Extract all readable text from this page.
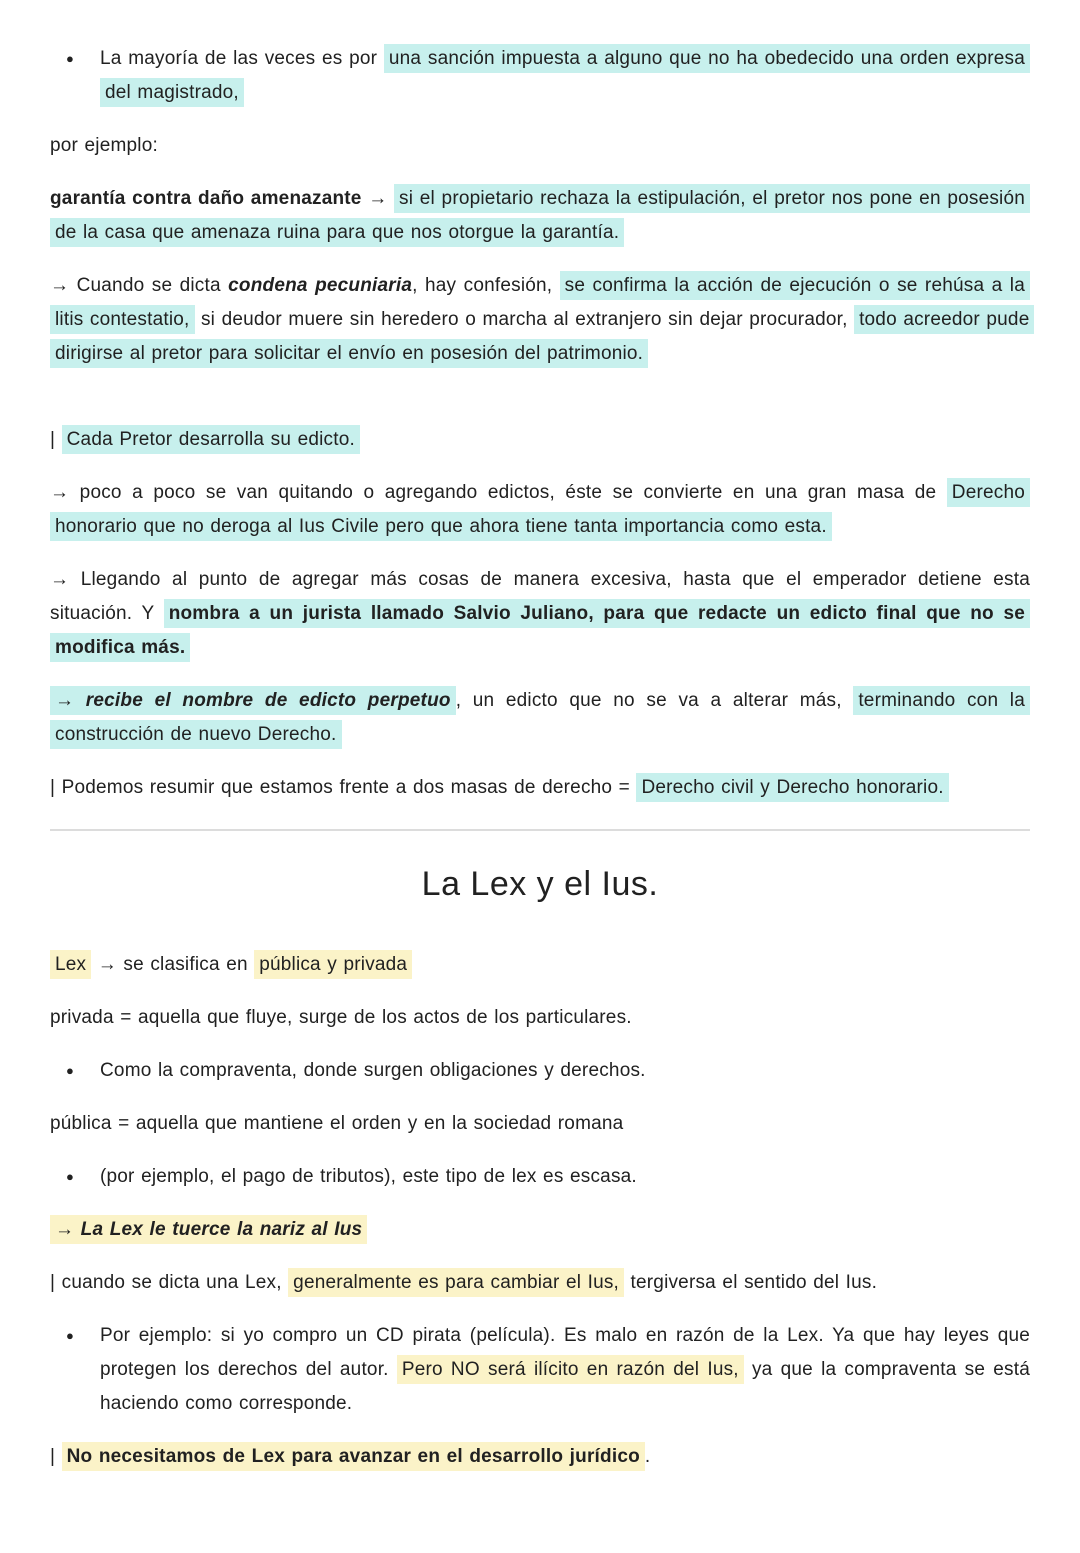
● La mayoría de las veces es por una sanción impuesta a alguno que no ha obedecido una orden expresa del magistrado,

por ejemplo:

garantía contra daño amenazante → si el propietario rechaza la estipulación, el pretor nos pone en posesión de la casa que amenaza ruina para que nos otorgue la garantía.

→ Cuando se dicta condena pecuniaria, hay confesión, se confirma la acción de ejecución o se rehúsa a la litis contestatio, si deudor muere sin heredero o marcha al extranjero sin dejar procurador, todo acreedor pude dirigirse al pretor para solicitar el envío en posesión del patrimonio.

| Cada Pretor desarrolla su edicto.

→ poco a poco se van quitando o agregando edictos, éste se convierte en una gran masa de Derecho honorario que no deroga al Ius Civile pero que ahora tiene tanta importancia como esta.

→ Llegando al punto de agregar más cosas de manera excesiva, hasta que el emperador detiene esta situación. Y nombra a un jurista llamado Salvio Juliano, para que redacte un edicto final que no se modifica más.

→ recibe el nombre de edicto perpetuo , un edicto que no se va a alterar más, terminando con la construcción de nuevo Derecho.

| Podemos resumir que estamos frente a dos masas de derecho = Derecho civil y Derecho honorario.

La Lex y el Ius.

Lex → se clasifica en pública y privada

privada = aquella que fluye, surge de los actos de los particulares.

● Como la compraventa, donde surgen obligaciones y derechos.

pública = aquella que mantiene el orden y en la sociedad romana

● (por ejemplo, el pago de tributos), este tipo de lex es escasa.

→ La Lex le tuerce la nariz al Ius

| cuando se dicta una Lex, generalmente es para cambiar el Ius, tergiversa el sentido del Ius.

● Por ejemplo: si yo compro un CD pirata (película). Es malo en razón de la Lex. Ya que hay leyes que protegen los derechos del autor. Pero NO será ilícito en razón del Ius, ya que la compraventa se está haciendo como corresponde.

| No necesitamos de Lex para avanzar en el desarrollo jurídico .
